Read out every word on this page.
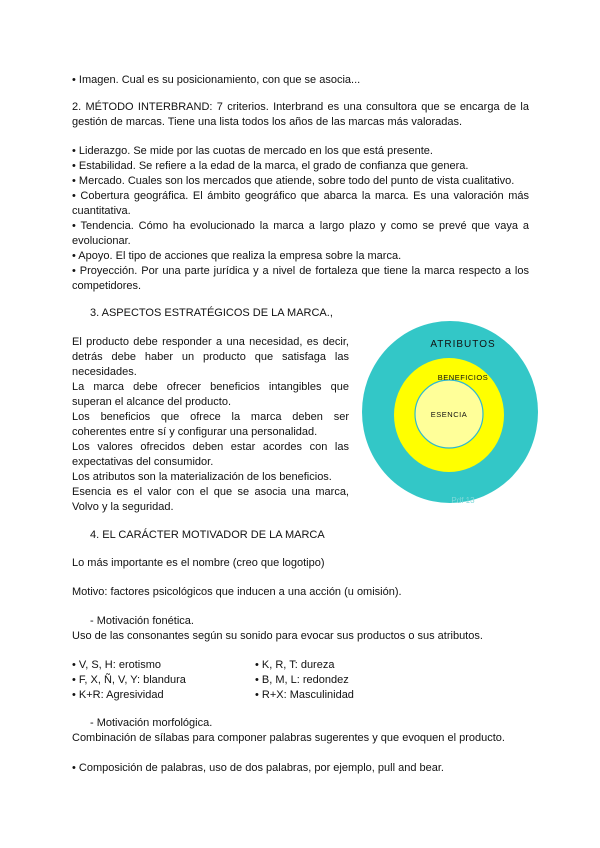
• Imagen. Cual es su posicionamiento, con que se asocia...
2. MÉTODO INTERBRAND: 7 criterios. Interbrand es una consultora que se encarga de la gestión de marcas. Tiene una lista todos los años de las marcas más valoradas.
• Liderazgo. Se mide por las cuotas de mercado en los que está presente.
• Estabilidad. Se refiere a la edad de la marca, el grado de confianza que genera.
• Mercado. Cuales son los mercados que atiende, sobre todo del punto de vista cualitativo.
• Cobertura geográfica. El ámbito geográfico que abarca la marca. Es una valoración más cuantitativa.
• Tendencia. Cómo ha evolucionado la marca a largo plazo y como se prevé que vaya a evolucionar.
• Apoyo. El tipo de acciones que realiza la empresa sobre la marca.
• Proyección. Por una parte jurídica y a nivel de fortaleza que tiene la marca respecto a los competidores.
3. ASPECTOS ESTRATÉGICOS DE LA MARCA.,
El producto debe responder a una necesidad, es decir, detrás debe haber un producto que satisfaga las necesidades.
La marca debe ofrecer beneficios intangibles que superan el alcance del producto.
Los beneficios que ofrece la marca deben ser coherentes entre sí y configurar una personalidad.
Los valores ofrecidos deben estar acordes con las expectativas del consumidor.
Los atributos son la materialización de los beneficios.
Esencia es el valor con el que se asocia una marca, Volvo y la seguridad.
ATRIBUTOS
BENEFICIOS
ESENCIA
Pdf 13
4. EL CARÁCTER MOTIVADOR DE LA MARCA
Lo más importante es el nombre (creo que logotipo)
Motivo: factores psicológicos que inducen a una acción (u omisión).
- Motivación fonética.
Uso de las consonantes según su sonido para evocar sus productos o sus atributos.
• V, S, H: erotismo
• F, X, Ñ, V, Y: blandura
• K+R: Agresividad
• K, R, T: dureza
• B, M, L: redondez
• R+X: Masculinidad
- Motivación morfológica.
Combinación de sílabas para componer palabras sugerentes y que evoquen el producto.
• Composición de palabras, uso de dos palabras, por ejemplo, pull and bear.
